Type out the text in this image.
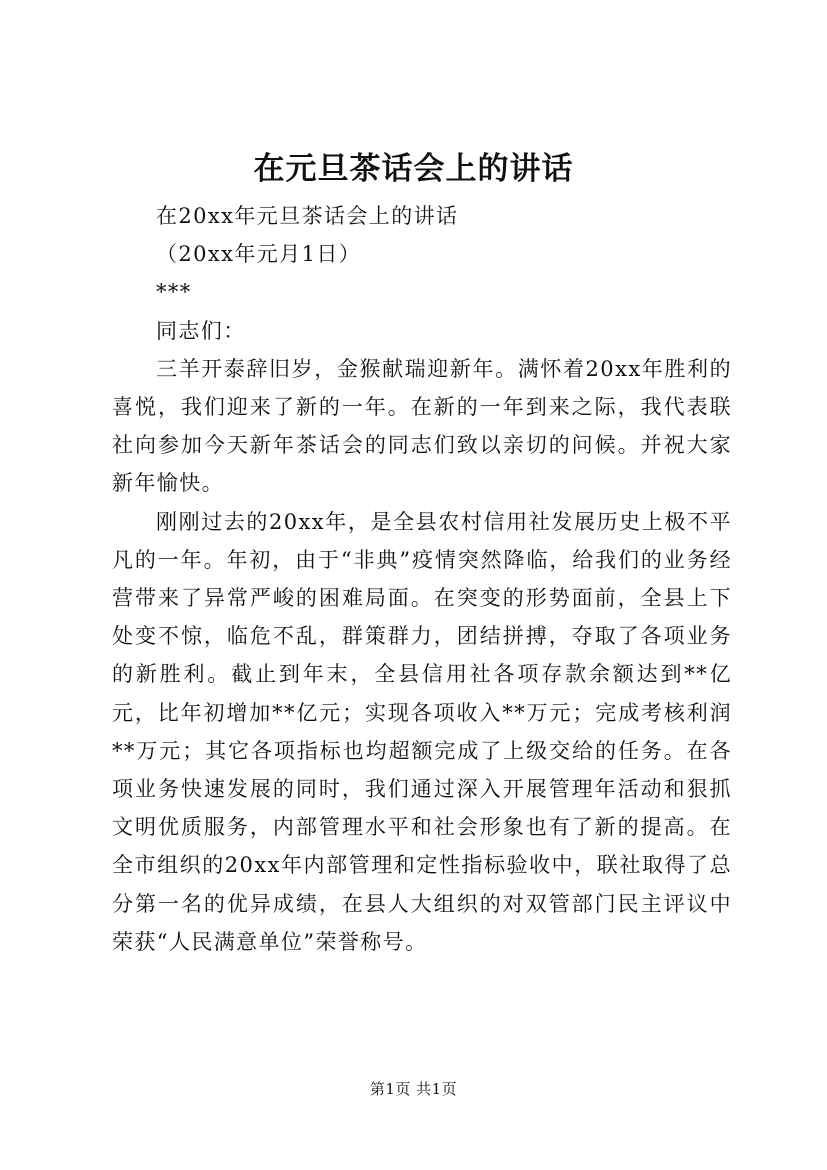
在元旦茶话会上的讲话

在20xx年元旦茶话会上的讲话

（20xx年元月1日）

***

同志们：

三羊开泰辞旧岁，金猴献瑞迎新年。满怀着20xx年胜利的喜悦，我们迎来了新的一年。在新的一年到来之际，我代表联社向参加今天新年茶话会的同志们致以亲切的问候。并祝大家新年愉快。

刚刚过去的20xx年，是全县农村信用社发展历史上极不平凡的一年。年初，由于“非典”疫情突然降临，给我们的业务经营带来了异常严峻的困难局面。在突变的形势面前，全县上下处变不惊，临危不乱，群策群力，团结拼搏，夺取了各项业务的新胜利。截止到年末，全县信用社各项存款余额达到**亿元，比年初增加**亿元；实现各项收入**万元；完成考核利润**万元；其它各项指标也均超额完成了上级交给的任务。在各项业务快速发展的同时，我们通过深入开展管理年活动和狠抓文明优质服务，内部管理水平和社会形象也有了新的提高。在全市组织的20xx年内部管理和定性指标验收中，联社取得了总分第一名的优异成绩，在县人大组织的对双管部门民主评议中荣获“人民满意单位”荣誉称号。

第1页 共1页
